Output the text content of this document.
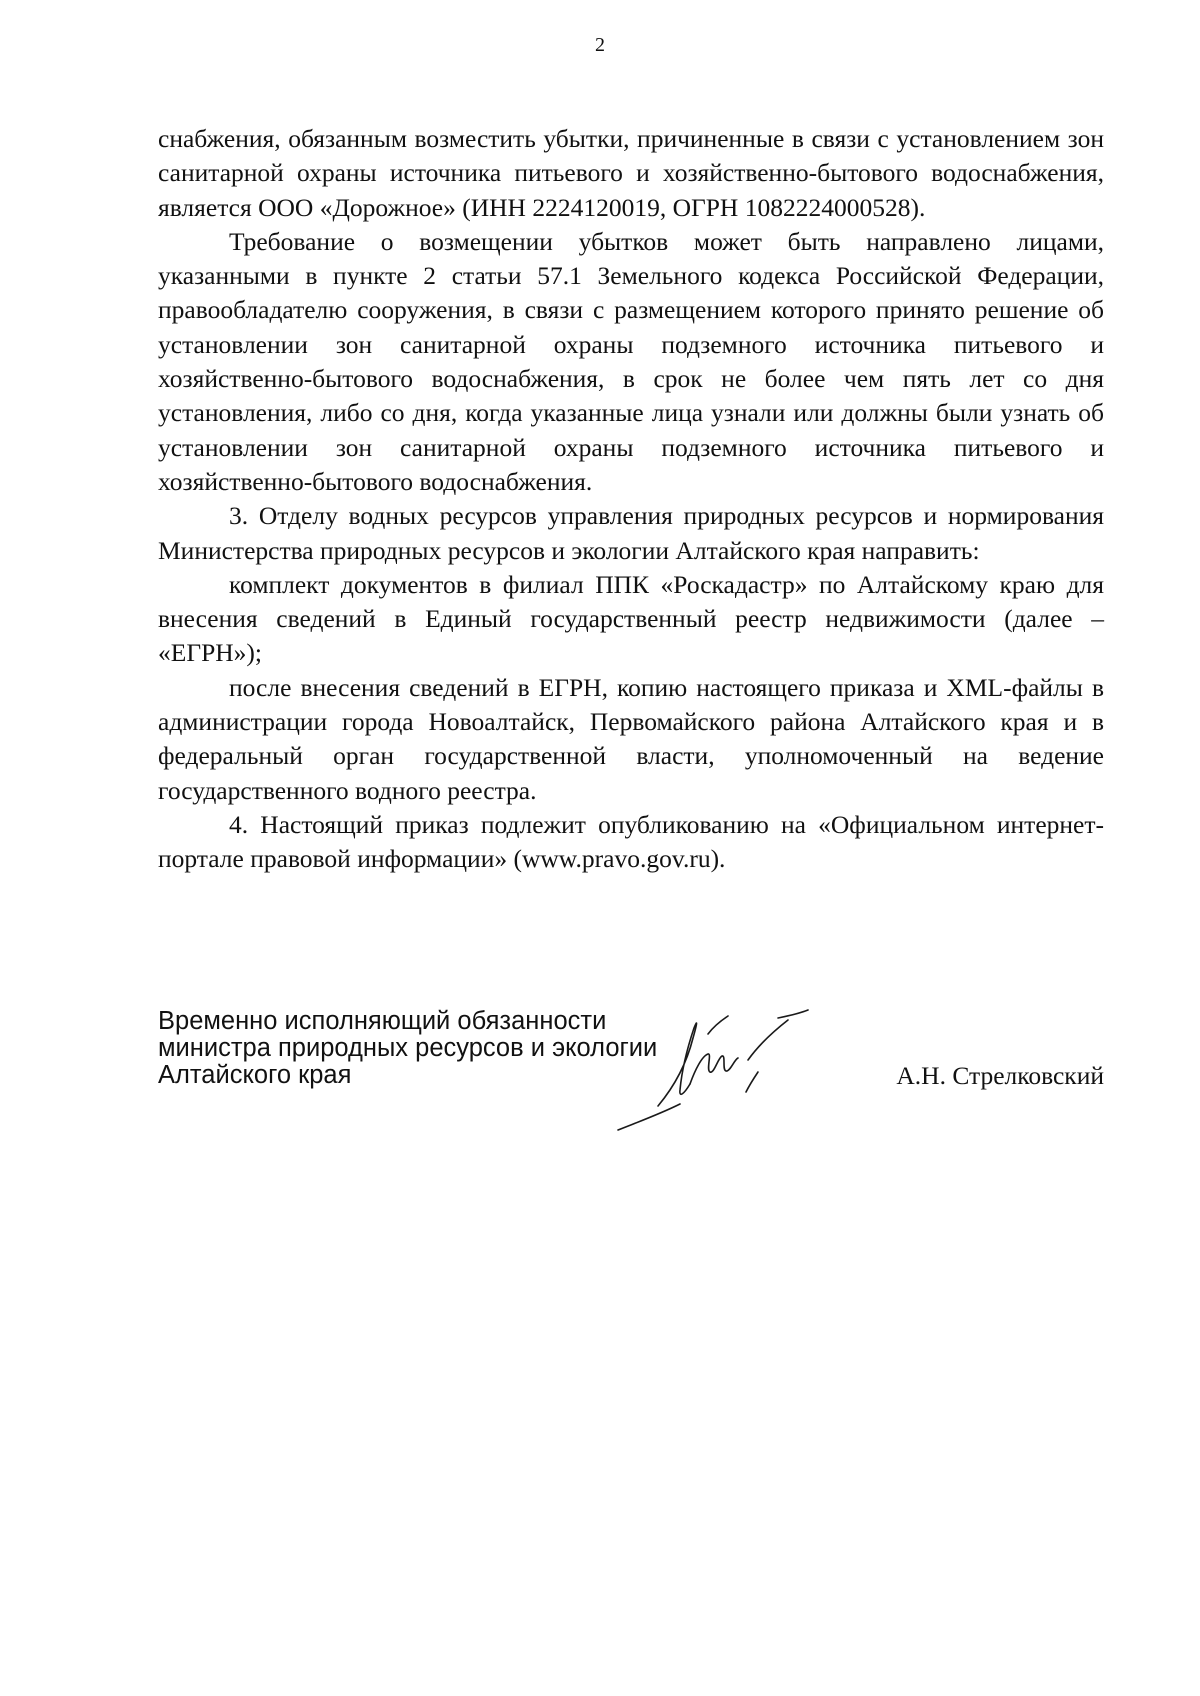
2

снабжения, обязанным возместить убытки, причиненные в связи с установлением зон санитарной охраны источника питьевого и хозяйственно-бытового водоснабжения, является ООО «Дорожное» (ИНН 2224120019, ОГРН 1082224000528).

Требование о возмещении убытков может быть направлено лицами, указанными в пункте 2 статьи 57.1 Земельного кодекса Российской Федерации, правообладателю сооружения, в связи с размещением которого принято решение об установлении зон санитарной охраны подземного источника питьевого и хозяйственно-бытового водоснабжения, в срок не более чем пять лет со дня установления, либо со дня, когда указанные лица узнали или должны были узнать об установлении зон санитарной охраны подземного источника питьевого и хозяйственно-бытового водоснабжения.

3. Отделу водных ресурсов управления природных ресурсов и нормирования Министерства природных ресурсов и экологии Алтайского края направить:

комплект документов в филиал ППК «Роскадастр» по Алтайскому краю для внесения сведений в Единый государственный реестр недвижимости (далее – «ЕГРН»);

после внесения сведений в ЕГРН, копию настоящего приказа и XML-файлы в администрации города Новоалтайск, Первомайского района Алтайского края и в федеральный орган государственной власти, уполномоченный на ведение государственного водного реестра.

4. Настоящий приказ подлежит опубликованию на «Официальном интернет-портале правовой информации» (www.pravo.gov.ru).

Временно исполняющий обязанности
министра природных ресурсов и экологии
Алтайского края	А.Н. Стрелковский
